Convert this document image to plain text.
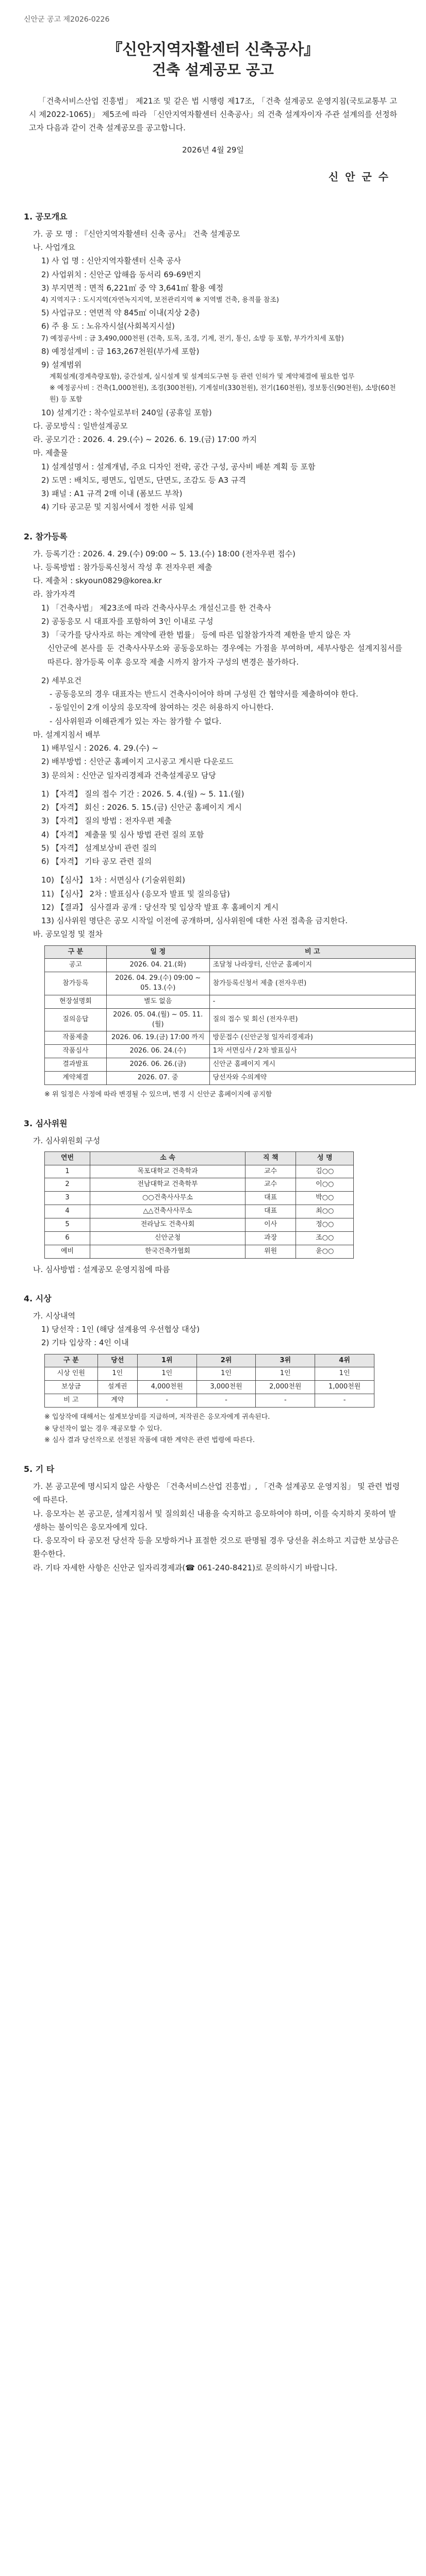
신안군 공고 제2026-0226
『신안지역자활센터 신축공사』
건축 설계공모 공고
「건축서비스산업 진흥법」 제21조 및 같은 법 시행령 제17조, 「건축 설계공모 운영지침(국토교통부 고시 제2022-1065)」 제5조에 따라 「신안지역자활센터 신축공사」의 건축 설계자이자 주관 설계의를 선정하고자 다음과 같이 건축 설계공모를 공고합니다.
2026년 4월 29일
신 안 군 수
1. 공모개요
가. 공 모 명 : 『신안지역자활센터 신축 공사』 건축 설계공모
나. 사업개요
1) 사 업 명 : 신안지역자활센터 신축 공사
2) 사업위치 : 신안군 압해읍 동서리 69-69번지
3) 부지면적 : 면적 6,221㎡ 중 약 3,641㎡ 활용 예정
4) 지역지구 : 도시지역(자연녹지지역, 보전관리지역 ※ 지역별 건축, 용적률 참조)
5) 사업규모 : 연면적 약 845㎡ 이내(지상 2층)
6) 주 용 도 : 노유자시설(사회복지시설)
7) 예정공사비 : 금 3,490,000천원 (건축, 토목, 조경, 기계, 전기, 통신, 소방 등 포함, 부가가치세 포함)
8) 예정설계비 : 금 163,267천원(부가세 포함)
9) 설계범위
계획설계(경계측량포함), 중간설계, 실시설계 및 설계의도구현 등 관련 인허가 및 계약체결에 필요한 업무
※ 예정공사비 : 건축(1,000천원), 조경(300천원), 기계설비(330천원), 전기(160천원), 정보통신(90천원), 소방(60천원) 등 포함
10) 설계기간 : 착수일로부터 240일 (공휴일 포함)
다. 공모방식 : 일반설계공모
라. 공모기간 : 2026. 4. 29.(수) ~ 2026. 6. 19.(금) 17:00 까지
마. 제출물
1) 설계설명서 : 설계개념, 주요 디자인 전략, 공간 구성, 공사비 배분 계획 등 포함
2) 도면 : 배치도, 평면도, 입면도, 단면도, 조감도 등 A3 규격
3) 패널 : A1 규격 2매 이내 (폼보드 부착)
4) 기타 공고문 및 지침서에서 정한 서류 일체
2. 참가등록
가. 등록기간 : 2026. 4. 29.(수) 09:00 ~ 5. 13.(수) 18:00 (전자우편 접수)
나. 등록방법 : 참가등록신청서 작성 후 전자우편 제출
다. 제출처 : skyoun0829@korea.kr
라. 참가자격
1) 「건축사법」 제23조에 따라 건축사사무소 개설신고를 한 건축사
2) 공동응모 시 대표자를 포함하여 3인 이내로 구성
3) 「국가를 당사자로 하는 계약에 관한 법률」 등에 따른 입찰참가자격 제한을 받지 않은 자
신안군에 본사를 둔 건축사사무소와 공동응모하는 경우에는 가점을 부여하며, 세부사항은 설계지침서를 따른다. 참가등록 이후 응모작 제출 시까지 참가자 구성의 변경은 불가하다.
2) 세부요건
- 공동응모의 경우 대표자는 반드시 건축사이어야 하며 구성원 간 협약서를 제출하여야 한다.
- 동일인이 2개 이상의 응모작에 참여하는 것은 허용하지 아니한다.
- 심사위원과 이해관계가 있는 자는 참가할 수 없다.
마. 설계지침서 배부
1) 배부일시 : 2026. 4. 29.(수) ~
2) 배부방법 : 신안군 홈페이지 고시공고 게시판 다운로드
3) 문의처 : 신안군 일자리경제과 건축설계공모 담당
1) 【자격】 질의 접수 기간 : 2026. 5. 4.(월) ~ 5. 11.(월)
2) 【자격】 회신 : 2026. 5. 15.(금) 신안군 홈페이지 게시
3) 【자격】 질의 방법 : 전자우편 제출
4) 【자격】 제출물 및 심사 방법 관련 질의 포함
5) 【자격】 설계보상비 관련 질의
6) 【자격】 기타 공모 관련 질의
10) 【심사】 1차 : 서면심사 (기술위원회)
11) 【심사】 2차 : 발표심사 (응모자 발표 및 질의응답)
12) 【결과】 심사결과 공개 : 당선작 및 입상작 발표 후 홈페이지 게시
13) 심사위원 명단은 공모 시작일 이전에 공개하며, 심사위원에 대한 사전 접촉을 금지한다.
바. 공모일정 및 절차
구 분	일 정	비 고
공고	2026. 04. 21.(화)	조달청 나라장터, 신안군 홈페이지
참가등록	2026. 04. 29.(수) 09:00 ~ 05. 13.(수)	참가등록신청서 제출 (전자우편)
현장설명회	별도 없음	-
질의응답	2026. 05. 04.(월) ~ 05. 11.(월)	질의 접수 및 회신 (전자우편)
작품제출	2026. 06. 19.(금) 17:00 까지	방문접수 (신안군청 일자리경제과)
작품심사	2026. 06. 24.(수)	1차 서면심사 / 2차 발표심사
결과발표	2026. 06. 26.(금)	신안군 홈페이지 게시
계약체결	2026. 07. 중	당선자와 수의계약
※ 위 일정은 사정에 따라 변경될 수 있으며, 변경 시 신안군 홈페이지에 공지함
3. 심사위원
가. 심사위원회 구성
연번	소 속	직 책	성 명
1	목포대학교 건축학과	교수	김○○
2	전남대학교 건축학부	교수	이○○
3	○○건축사사무소	대표	박○○
4	△△건축사사무소	대표	최○○
5	전라남도 건축사회	이사	정○○
6	신안군청	과장	조○○
예비	한국건축가협회	위원	윤○○
나. 심사방법 : 설계공모 운영지침에 따름
4. 시상
가. 시상내역
1) 당선작 : 1인 (해당 설계용역 우선협상 대상)
2) 기타 입상작 : 4인 이내
구 분	당선	1위	2위	3위	4위
시상 인원	1인	1인	1인	1인	1인
보상금	설계권	4,000천원	3,000천원	2,000천원	1,000천원
비 고	계약	-	-	-	-
※ 입상작에 대해서는 설계보상비를 지급하며, 저작권은 응모자에게 귀속된다.
※ 당선작이 없는 경우 재공모할 수 있다.
※ 심사 결과 당선작으로 선정된 작품에 대한 계약은 관련 법령에 따른다.
5. 기 타
가. 본 공고문에 명시되지 않은 사항은 「건축서비스산업 진흥법」, 「건축 설계공모 운영지침」 및 관련 법령에 따른다.
나. 응모자는 본 공고문, 설계지침서 및 질의회신 내용을 숙지하고 응모하여야 하며, 이를 숙지하지 못하여 발생하는 불이익은 응모자에게 있다.
다. 응모작이 타 공모전 당선작 등을 모방하거나 표절한 것으로 판명될 경우 당선을 취소하고 지급한 보상금은 환수한다.
라. 기타 자세한 사항은 신안군 일자리경제과(☎ 061-240-8421)로 문의하시기 바랍니다.
